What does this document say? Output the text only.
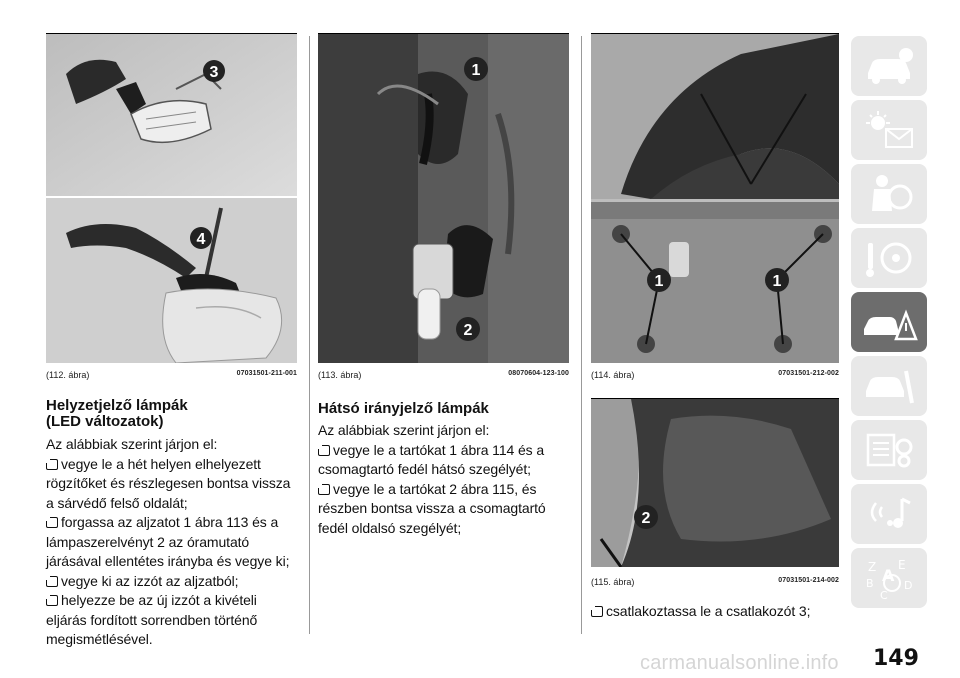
3
4
(112. ábra)	07031501-211-001
Helyzetjelző lámpák
(LED változatok)
Az alábbiak szerint járjon el:
vegye le a hét helyen elhelyezett
rögzítőket és részlegesen bontsa vissza
a sárvédő felső oldalát;
forgassa az aljzatot 1 ábra 113 és a
lámpaszerelvényt 2 az óramutató
járásával ellentétes irányba és vegye ki;
vegye ki az izzót az aljzatból;
helyezze be az új izzót a kivételi
eljárás fordított sorrendben történő
megismétlésével.
1
2
(113. ábra)	08070604-123-100
Hátsó irányjelző lámpák
Az alábbiak szerint járjon el:
vegye le a tartókat 1 ábra 114 és a
csomagtartó fedél hátsó szegélyét;
vegye le a tartókat 2 ábra 115, és
részben bontsa vissza a csomagtartó
fedél oldalsó szegélyét;
1	1
(114. ábra)	07031501-212-002
2
(115. ábra)	07031501-214-002
csatlakoztassa le a csatlakozót 3;
Z E
B A
D
C
149
carmanualsonline.info
